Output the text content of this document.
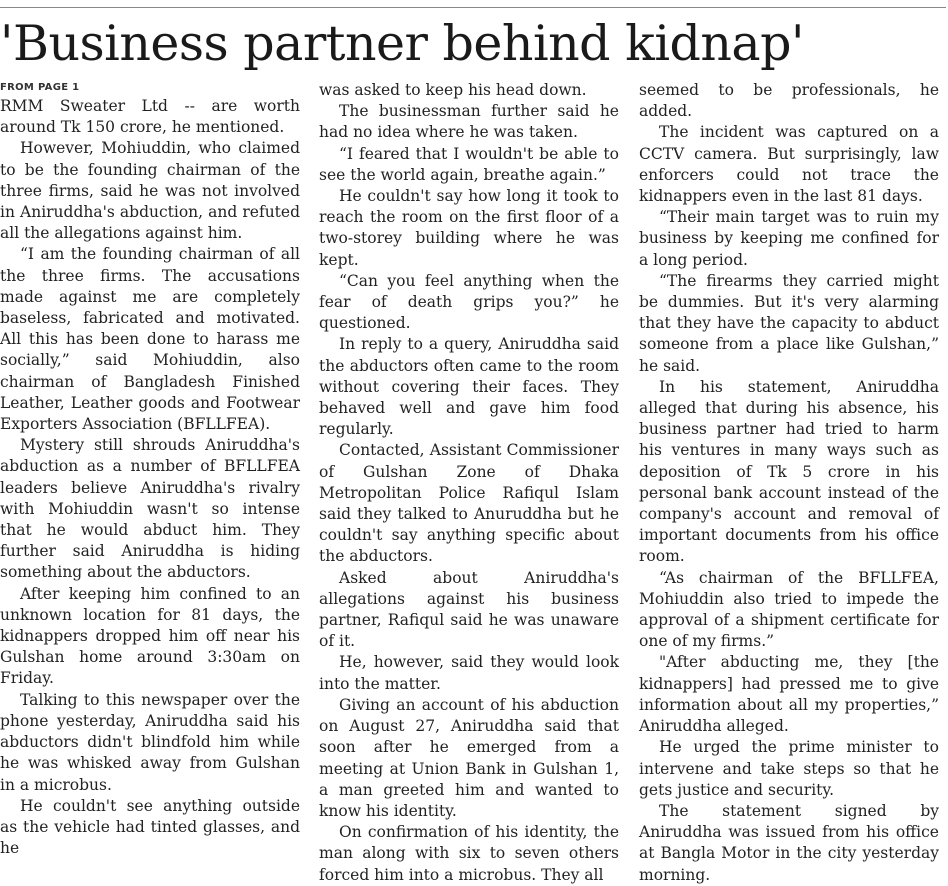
'Business partner behind kidnap'

FROM PAGE 1

RMM Sweater Ltd -- are worth around Tk 150 crore, he mentioned.

However, Mohiuddin, who claimed to be the founding chairman of the three firms, said he was not involved in Aniruddha's abduction, and refuted all the allegations against him.

“I am the founding chairman of all the three firms. The accusations made against me are completely baseless, fabricated and motivated. All this has been done to harass me socially,” said Mohiuddin, also chairman of Bangladesh Finished Leather, Leather goods and Footwear Exporters Association (BFLLFEA).

Mystery still shrouds Aniruddha's abduction as a number of BFLLFEA leaders believe Aniruddha's rivalry with Mohiuddin wasn't so intense that he would abduct him. They further said Aniruddha is hiding something about the abductors.

After keeping him confined to an unknown location for 81 days, the kidnappers dropped him off near his Gulshan home around 3:30am on Friday.

Talking to this newspaper over the phone yesterday, Aniruddha said his abductors didn't blindfold him while he was whisked away from Gulshan in a microbus.

He couldn't see anything outside as the vehicle had tinted glasses, and he

was asked to keep his head down.

The businessman further said he had no idea where he was taken.

“I feared that I wouldn't be able to see the world again, breathe again.”

He couldn't say how long it took to reach the room on the first floor of a two-storey building where he was kept.

“Can you feel anything when the fear of death grips you?” he questioned.

In reply to a query, Aniruddha said the abductors often came to the room without covering their faces. They behaved well and gave him food regularly.

Contacted, Assistant Commissioner of Gulshan Zone of Dhaka Metropolitan Police Rafiqul Islam said they talked to Anuruddha but he couldn't say anything specific about the abductors.

Asked about Aniruddha's allegations against his business partner, Rafiqul said he was unaware of it.

He, however, said they would look into the matter.

Giving an account of his abduction on August 27, Aniruddha said that soon after he emerged from a meeting at Union Bank in Gulshan 1, a man greeted him and wanted to know his identity.

On confirmation of his identity, the man along with six to seven others forced him into a microbus. They all

seemed to be professionals, he added.

The incident was captured on a CCTV camera. But surprisingly, law enforcers could not trace the kidnappers even in the last 81 days.

“Their main target was to ruin my business by keeping me confined for a long period.

“The firearms they carried might be dummies. But it's very alarming that they have the capacity to abduct someone from a place like Gulshan,” he said.

In his statement, Aniruddha alleged that during his absence, his business partner had tried to harm his ventures in many ways such as deposition of Tk 5 crore in his personal bank account instead of the company's account and removal of important documents from his office room.

“As chairman of the BFLLFEA, Mohiuddin also tried to impede the approval of a shipment certificate for one of my firms.”

"After abducting me, they [the kidnappers] had pressed me to give information about all my properties,” Aniruddha alleged.

He urged the prime minister to intervene and take steps so that he gets justice and security.

The statement signed by Aniruddha was issued from his office at Bangla Motor in the city yesterday morning.
